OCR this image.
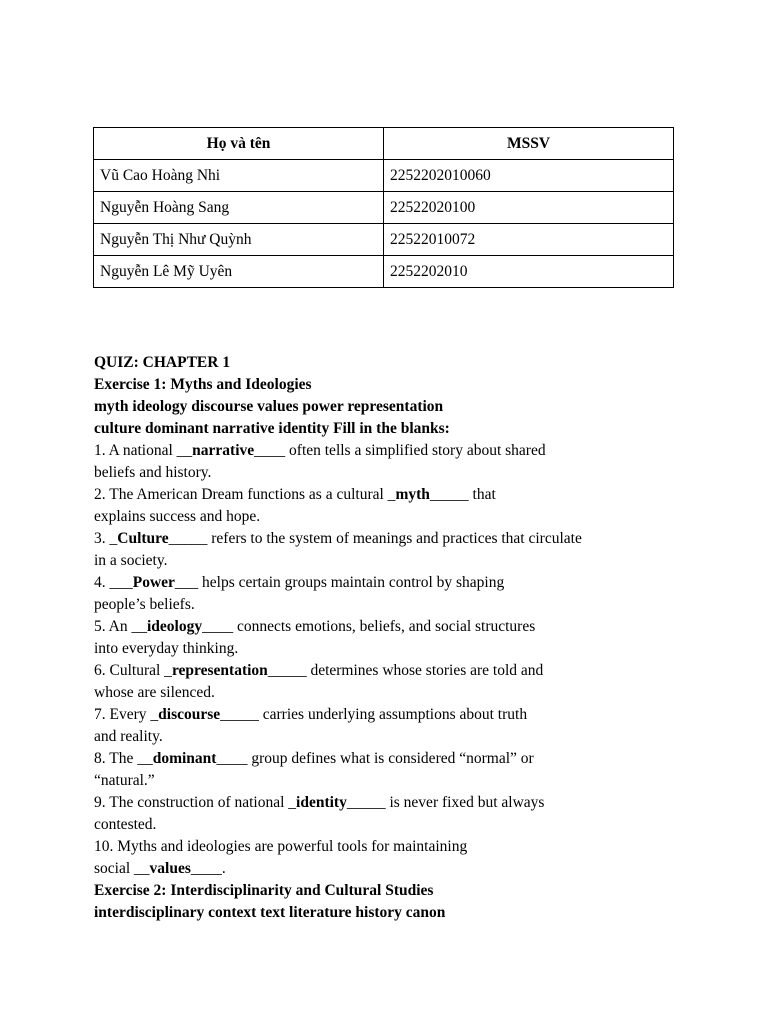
Họ và tên	MSSV
Vũ Cao Hoàng Nhi	2252202010060
Nguyễn Hoàng Sang	22522020100
Nguyễn Thị Như Quỳnh	22522010072
Nguyễn Lê Mỹ Uyên	2252202010

QUIZ: CHAPTER 1

Exercise 1: Myths and Ideologies

myth ideology discourse values power representation

culture dominant narrative identity Fill in the blanks:

1. A national __narrative____ often tells a simplified story about shared
beliefs and history.

2. The American Dream functions as a cultural _myth_____ that
explains success and hope.

3. _Culture_____ refers to the system of meanings and practices that circulate
in a society.

4. ___Power___ helps certain groups maintain control by shaping
people’s beliefs.

5. An __ideology____ connects emotions, beliefs, and social structures
into everyday thinking.

6. Cultural _representation_____ determines whose stories are told and
whose are silenced.

7. Every _discourse_____ carries underlying assumptions about truth
and reality.

8. The __dominant____ group defines what is considered “normal” or
“natural.”

9. The construction of national _identity_____ is never fixed but always
contested.

10. Myths and ideologies are powerful tools for maintaining
social __values____.

Exercise 2: Interdisciplinarity and Cultural Studies

interdisciplinary context text literature history canon
